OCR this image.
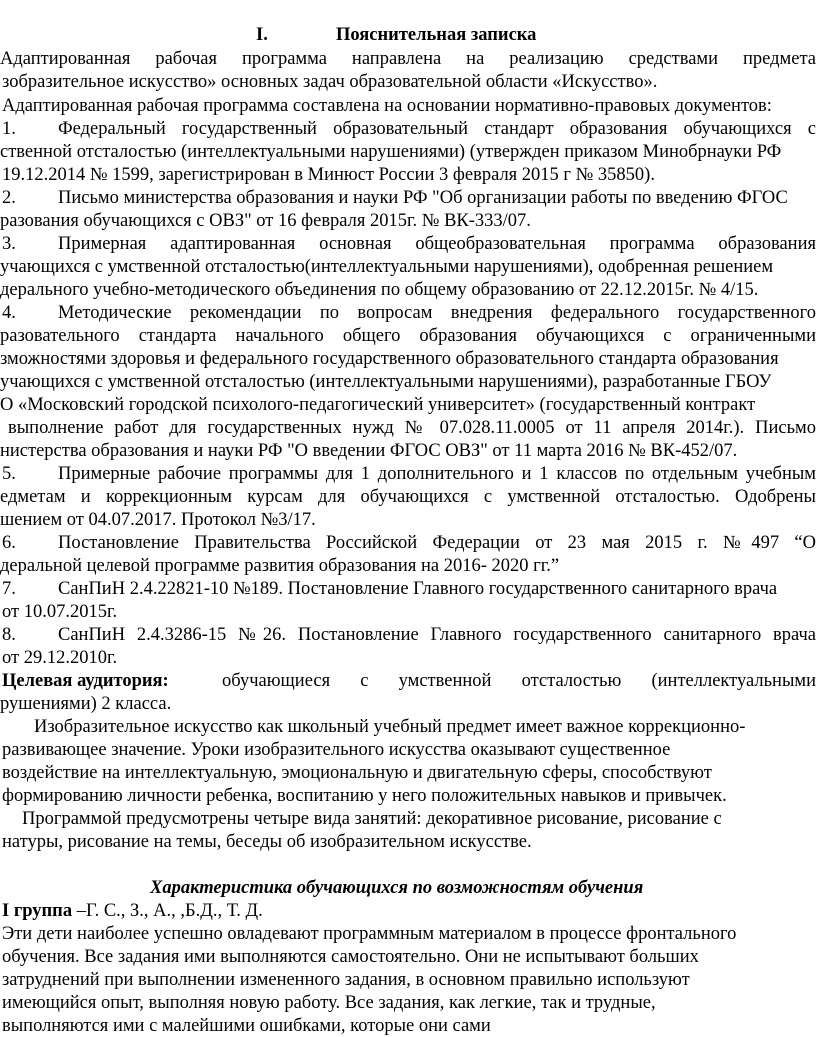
I.	Пояснительная записка
Адаптированная рабочая программа направлена на реализацию средствами предмета
зобразительное искусство» основных задач образовательной области «Искусство».
Адаптированная рабочая программа составлена на основании нормативно-правовых документов:
1. Федеральный государственный образовательный стандарт образования обучающихся с
ственной отсталостью (интеллектуальными нарушениями) (утвержден приказом Минобрнауки РФ
19.12.2014 № 1599, зарегистрирован в Минюст России 3 февраля 2015 г № 35850).
2. Письмо министерства образования и науки РФ "Об организации работы по введению ФГОС
разования обучающихся с ОВЗ" от 16 февраля 2015г. № ВК-333/07.
3. Примерная адаптированная основная общеобразовательная программа образования
учающихся с умственной отсталостью(интеллектуальными нарушениями), одобренная решением
дерального учебно-методического объединения по общему образованию от 22.12.2015г. № 4/15.
4. Методические рекомендации по вопросам внедрения федерального государственного
разовательного стандарта начального общего образования обучающихся с ограниченными
зможностями здоровья и федерального государственного образовательного стандарта образования
учающихся с умственной отсталостью (интеллектуальными нарушениями), разработанные ГБОУ
О «Московский городской психолого-педагогический университет» (государственный контракт
выполнение работ для государственных нужд № 07.028.11.0005 от 11 апреля 2014г.). Письмо
нистерства образования и науки РФ "О введении ФГОС ОВЗ" от 11 марта 2016 № ВК-452/07.
5. Примерные рабочие программы для 1 дополнительного и 1 классов по отдельным учебным
едметам и коррекционным курсам для обучающихся с умственной отсталостью. Одобрены
шением от 04.07.2017. Протокол №3/17.
6. Постановление Правительства Российской Федерации от 23 мая 2015 г. №497 “О
деральной целевой программе развития образования на 2016- 2020 гг.”
7. СанПиН 2.4.22821-10 №189. Постановление Главного государственного санитарного врача
от 10.07.2015г.
8. СанПиН 2.4.3286-15 №26. Постановление Главного государственного санитарного врача
от 29.12.2010г.
Целевая аудитория:	обучающиеся с умственной отсталостью (интеллектуальными
рушениями) 2 класса.
Изобразительное искусство как школьный учебный предмет имеет важное коррекционно-
развивающее значение. Уроки изобразительного искусства оказывают существенное
воздействие на интеллектуальную, эмоциональную и двигательную сферы, способствуют
формированию личности ребенка, воспитанию у него положительных навыков и привычек.
Программой предусмотрены четыре вида занятий: декоративное рисование, рисование с
натуры, рисование на темы, беседы об изобразительном искусстве.
Характеристика обучающихся по возможностям обучения
I группа –Г. С., З., А., ,Б.Д., Т. Д.
Эти дети наиболее успешно овладевают программным материалом в процессе фронтального
обучения. Все задания ими выполняются самостоятельно. Они не испытывают больших
затруднений при выполнении измененного задания, в основном правильно используют
имеющийся опыт, выполняя новую работу. Все задания, как легкие, так и трудные,
выполняются ими с малейшими ошибками, которые они сами
